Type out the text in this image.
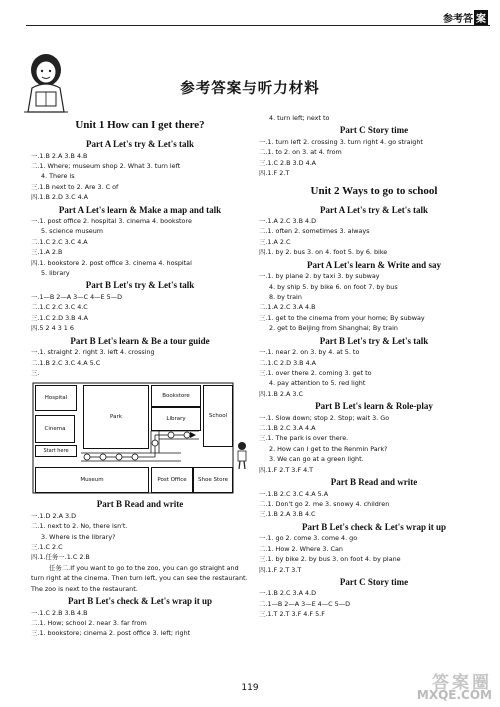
参考答 案
参考答案与听力材料
Unit 1 How can I get there?
Part A Let's try & Let's talk
一.1.B 2.A 3.B 4.B
二.1. Where; museum shop 2. What 3. turn left
4. There is
三.1.B next to 2. Are 3. C of
四.1.B 2.D 3.C 4.A
Part A Let's learn & Make a map and talk
一.1. post office 2. hospital 3. cinema 4. bookstore
5. science museum
二.1.C 2.C 3.C 4.A
三.1.A 2.B
四.1. bookstore 2. post office 3. cinema 4. hospital
5. library
Part B Let's try & Let's talk
一.1—B 2—A 3—C 4—E 5—D
二.1.C 2.C 3.C 4.C
三.1.C 2.D 3.B 4.A
四.5 2 4 3 1 6
Part B Let's learn & Be a tour guide
一.1. straight 2. right 3. left 4. crossing
二.1.B 2.C 3.C 4.A 5.C
三.
Hospital
Park
Bookstore
Library	School
Cinema
Start here
Museum	Post Office	Shoe Store
Part B Read and write
一.1.D 2.A 3.D
二.1. next to 2. No, there isn't.
3. Where is the library?
三.1.C 2.C
四.1.任务一.1.C 2.B

任务二.If you want to go to the zoo, you can go straight and turn right at the cinema. Then turn left, you can see the restaurant. The zoo is next to the restaurant.

Part B Let's check & Let's wrap it up
一.1.C 2.B 3.B 4.B
二.1. How; school 2. near 3. far from
三.1. bookstore; cinema 2. post office 3. left; right
4. turn left; next to
Part C Story time
一.1. turn left 2. crossing 3. turn right 4. go straight
二.1. to 2. on 3. at 4. from
三.1.C 2.B 3.D 4.A
四.1.F 2.T
Unit 2 Ways to go to school
Part A Let's try & Let's talk
一.1.A 2.C 3.B 4.D
二.1. often 2. sometimes 3. always
三.1.A 2.C
四.1. by 2. bus 3. on 4. foot 5. by 6. bike
Part A Let's learn & Write and say
一.1. by plane 2. by taxi 3. by subway
4. by ship 5. by bike 6. on foot 7. by bus
8. by train
二.1.A 2.C 3.A 4.B
三.1. get to the cinema from your home; By subway
2. get to Beijing from Shanghai; By train
Part B Let's try & Let's talk
一.1. near 2. on 3. by 4. at 5. to
二.1.C 2.D 3.B 4.A
三.1. over there 2. coming 3. get to
4. pay attention to 5. red light
四.1.B 2.A 3.C
Part B Let's learn & Role-play
一.1. Slow down; stop 2. Stop; wait 3. Go
二.1.B 2.C 3.A 4.A
三.1. The park is over there.
2. How can I get to the Renmin Park?
3. We can go at a green light.
四.1.F 2.T 3.F 4.T
Part B Read and write
一.1.B 2.C 3.C 4.A 5.A
二.1. Don't go 2. me 3. snowy 4. children
三.1.B 2.A 3.B 4.C
Part B Let's check & Let's wrap it up
一.1. go 2. come 3. come 4. go
二.1. How 2. Where 3. Can
三.1. by bike 2. by bus 3. on foot 4. by plane
四.1.F 2.T 3.T
Part C Story time
一.1.B 2.C 3.A 4.D
二.1—B 2—A 3—E 4—C 5—D
三.1.T 2.T 3.F 4.F 5.F
119	答案圈
MXQE.COM
